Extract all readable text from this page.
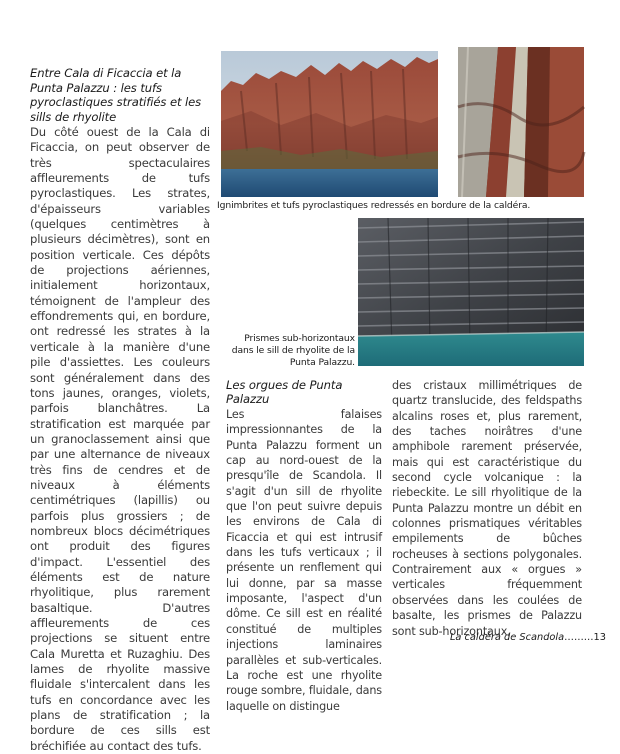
Entre Cala di Ficaccia et la Punta Palazzu : les tufs pyroclastiques stratifiés et les sills de rhyolite

Du côté ouest de la Cala di Ficaccia, on peut observer de très spectaculaires affleurements de tufs pyroclastiques. Les strates, d'épaisseurs variables (quelques centimètres à plusieurs décimètres), sont en position verticale. Ces dépôts de projections aériennes, initialement horizontaux, témoignent de l'ampleur des effondrements qui, en bordure, ont redressé les strates à la verticale à la manière d'une pile d'assiettes. Les couleurs sont généralement dans des tons jaunes, oranges, violets, parfois blanchâtres. La stratification est marquée par un granoclassement ainsi que par une alternance de niveaux très fins de cendres et de niveaux à éléments centimétriques (lapillis) ou parfois plus grossiers ; de nombreux blocs décimétriques ont produit des figures d'impact. L'essentiel des éléments est de nature rhyolitique, plus rarement basaltique. D'autres affleurements de ces projections se situent entre Cala Muretta et Ruzaghiu. Des lames de rhyolite massive fluidale s'intercalent dans les tufs en concordance avec les plans de stratification ; la bordure de ces sills est bréchifiée au contact des tufs.

Ignimbrites et tufs pyroclastiques redressés en bordure de la caldéra.

Prismes sub-horizontaux dans le sill de rhyolite de la Punta Palazzu.

Les orgues de Punta Palazzu

Les falaises impressionnantes de la Punta Palazzu forment un cap au nord-ouest de la presqu'île de Scandola. Il s'agit d'un sill de rhyolite que l'on peut suivre depuis les environs de Cala di Ficaccia et qui est intrusif dans les tufs verticaux ; il présente un renflement qui lui donne, par sa masse imposante, l'aspect d'un dôme. Ce sill est en réalité constitué de multiples injections laminaires parallèles et sub-verticales. La roche est une rhyolite rouge sombre, fluidale, dans laquelle on distingue

des cristaux millimétriques de quartz translucide, des feldspaths alcalins roses et, plus rarement, des taches noirâtres d'une amphibole rarement préservée, mais qui est caractéristique du second cycle volcanique : la riebeckite. Le sill rhyolitique de la Punta Palazzu montre un débit en colonnes prismatiques véritables empilements de bûches rocheuses à sections polygonales. Contrairement aux « orgues » verticales fréquemment observées dans les coulées de basalte, les prismes de Palazzu sont sub-horizontaux.

La caldéra de Scandola………13
